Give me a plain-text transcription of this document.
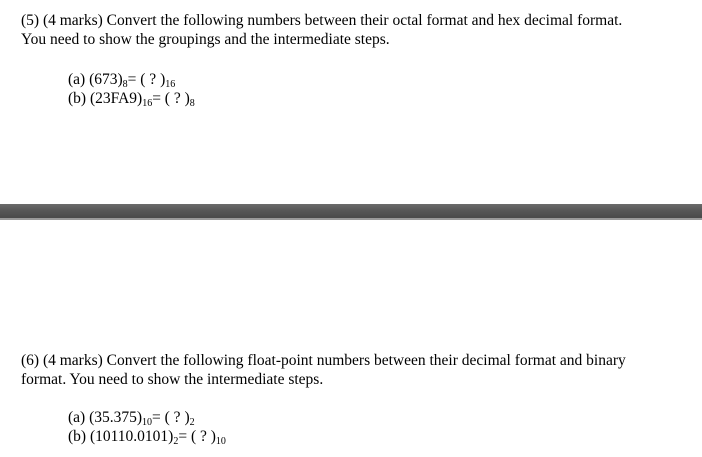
(5) (4 marks) Convert the following numbers between their octal format and hex decimal format.
You need to show the groupings and the intermediate steps.
(a) $(673)_8=$ ( ? )$_{16}$
(b) $(23FA9)_{16}=$ ( ? )$_8$
(6) (4 marks) Convert the following float-point numbers between their decimal format and binary
format. You need to show the intermediate steps.
(a) $(35.375)_{10}=$ ( ? )$_2$
(b) $(10110.0101)_2=$ ( ? )$_{10}$
